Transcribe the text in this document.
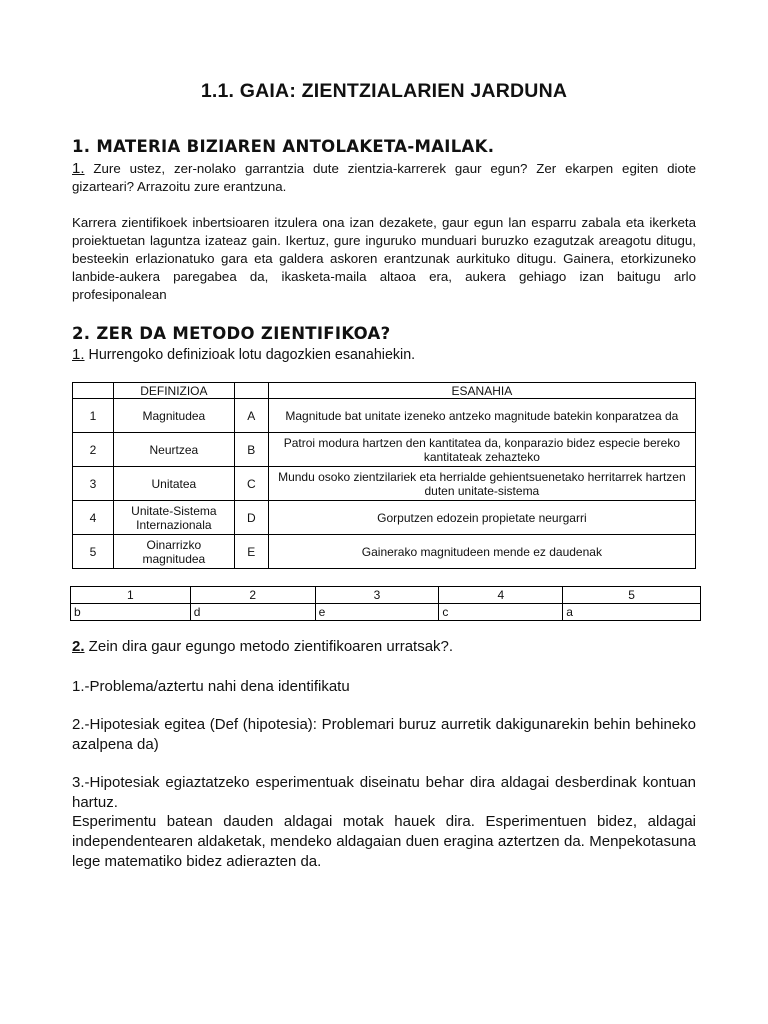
1.1. GAIA: ZIENTZIALARIEN JARDUNA
1. MATERIA BIZIAREN ANTOLAKETA-MAILAK.
1. Zure ustez, zer-nolako garrantzia dute zientzia-karrerek gaur egun? Zer ekarpen egiten diote gizarteari? Arrazoitu zure erantzuna.
Karrera zientifikoek inbertsioaren itzulera ona izan dezakete, gaur egun lan esparru zabala eta ikerketa proiektuetan laguntza izateaz gain. Ikertuz, gure inguruko munduari buruzko ezagutzak areagotu ditugu, besteekin erlazionatuko gara eta galdera askoren erantzunak aurkituko ditugu. Gainera, etorkizuneko lanbide-aukera paregabea da, ikasketa-maila altaoa era, aukera gehiago izan baitugu arlo profesiponalean
2. ZER DA METODO ZIENTIFIKOA?
1. Hurrengoko definizioak lotu dagozkien esanahiekin.
	DEFINIZIOA		ESANAHIA
1	Magnitudea	A	Magnitude bat unitate izeneko antzeko magnitude batekin konparatzea da
2	Neurtzea	B	Patroi modura hartzen den kantitatea da, konparazio bidez especie bereko kantitateak zehazteko
3	Unitatea	C	Mundu osoko zientzilariek eta herrialde gehientsuenetako herritarrek hartzen duten unitate-sistema
4	Unitate-Sistema Internazionala	D	Gorputzen edozein propietate neurgarri
5	Oinarrizko magnitudea	E	Gainerako magnitudeen mende ez daudenak
1	2	3	4	5
b	d	e	c	a
2. Zein dira gaur egungo metodo zientifikoaren urratsak?.
1.-Problema/aztertu nahi dena identifikatu
2.-Hipotesiak egitea (Def (hipotesia): Problemari buruz aurretik dakigunarekin behin behineko azalpena da)
3.-Hipotesiak egiaztatzeko esperimentuak diseinatu behar dira aldagai desberdinak kontuan hartuz.
Esperimentu batean dauden aldagai motak hauek dira. Esperimentuen bidez, aldagai independentearen aldaketak, mendeko aldagaian duen eragina aztertzen da. Menpekotasuna lege matematiko bidez adierazten da.
